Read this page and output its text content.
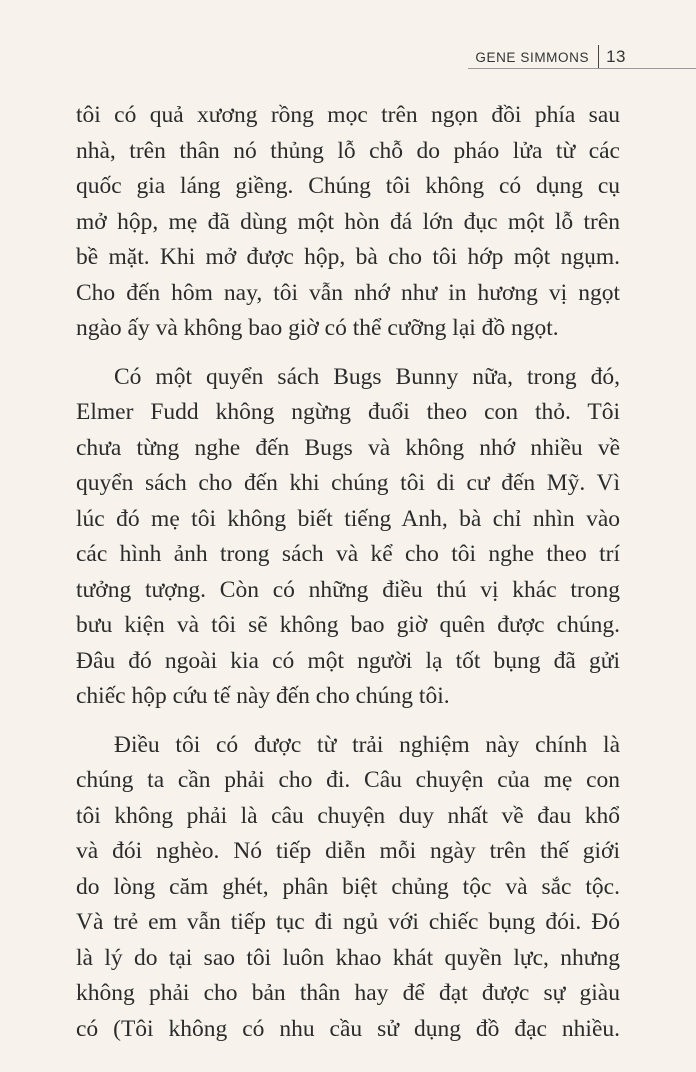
GENE SIMMONS 13

tôi có quả xương rồng mọc trên ngọn đồi phía sau
nhà, trên thân nó thủng lỗ chỗ do pháo lửa từ các
quốc gia láng giềng. Chúng tôi không có dụng cụ
mở hộp, mẹ đã dùng một hòn đá lớn đục một lỗ trên
bề mặt. Khi mở được hộp, bà cho tôi hớp một ngụm.
Cho đến hôm nay, tôi vẫn nhớ như in hương vị ngọt
ngào ấy và không bao giờ có thể cưỡng lại đồ ngọt.

Có một quyển sách Bugs Bunny nữa, trong đó,
Elmer Fudd không ngừng đuổi theo con thỏ. Tôi
chưa từng nghe đến Bugs và không nhớ nhiều về
quyển sách cho đến khi chúng tôi di cư đến Mỹ. Vì
lúc đó mẹ tôi không biết tiếng Anh, bà chỉ nhìn vào
các hình ảnh trong sách và kể cho tôi nghe theo trí
tưởng tượng. Còn có những điều thú vị khác trong
bưu kiện và tôi sẽ không bao giờ quên được chúng.
Đâu đó ngoài kia có một người lạ tốt bụng đã gửi
chiếc hộp cứu tế này đến cho chúng tôi.

Điều tôi có được từ trải nghiệm này chính là
chúng ta cần phải cho đi. Câu chuyện của mẹ con
tôi không phải là câu chuyện duy nhất về đau khổ
và đói nghèo. Nó tiếp diễn mỗi ngày trên thế giới
do lòng căm ghét, phân biệt chủng tộc và sắc tộc.
Và trẻ em vẫn tiếp tục đi ngủ với chiếc bụng đói. Đó
là lý do tại sao tôi luôn khao khát quyền lực, nhưng
không phải cho bản thân hay để đạt được sự giàu
có (Tôi không có nhu cầu sử dụng đồ đạc nhiều.
